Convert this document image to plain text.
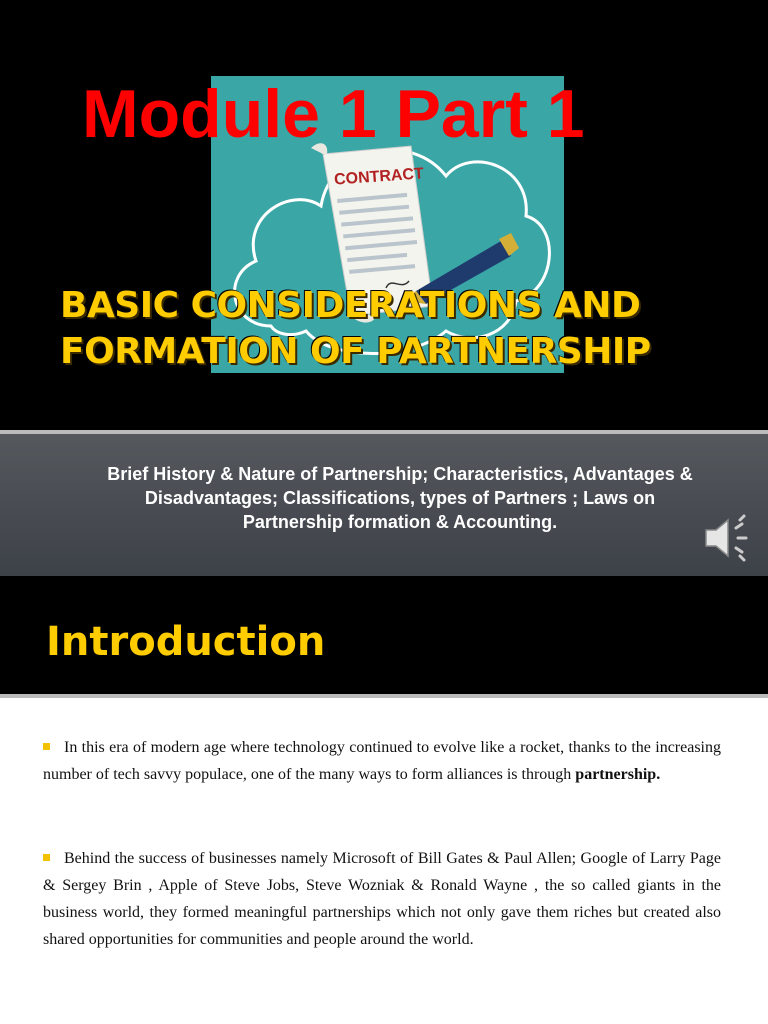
CONTRACT
Module 1 Part 1
BASIC CONSIDERATIONS AND FORMATION OF PARTNERSHIP

Brief History & Nature of Partnership; Characteristics, Advantages & Disadvantages; Classifications, types of Partners ; Laws on Partnership formation & Accounting.

Introduction

In this era of modern age where technology continued to evolve like a rocket, thanks to the increasing number of tech savvy populace, one of the many ways to form alliances is through partnership.

Behind the success of businesses namely Microsoft of Bill Gates & Paul Allen; Google of Larry Page & Sergey Brin , Apple of Steve Jobs, Steve Wozniak & Ronald Wayne , the so called giants in the business world, they formed meaningful partnerships which not only gave them riches but created also shared opportunities for communities and people around the world.
